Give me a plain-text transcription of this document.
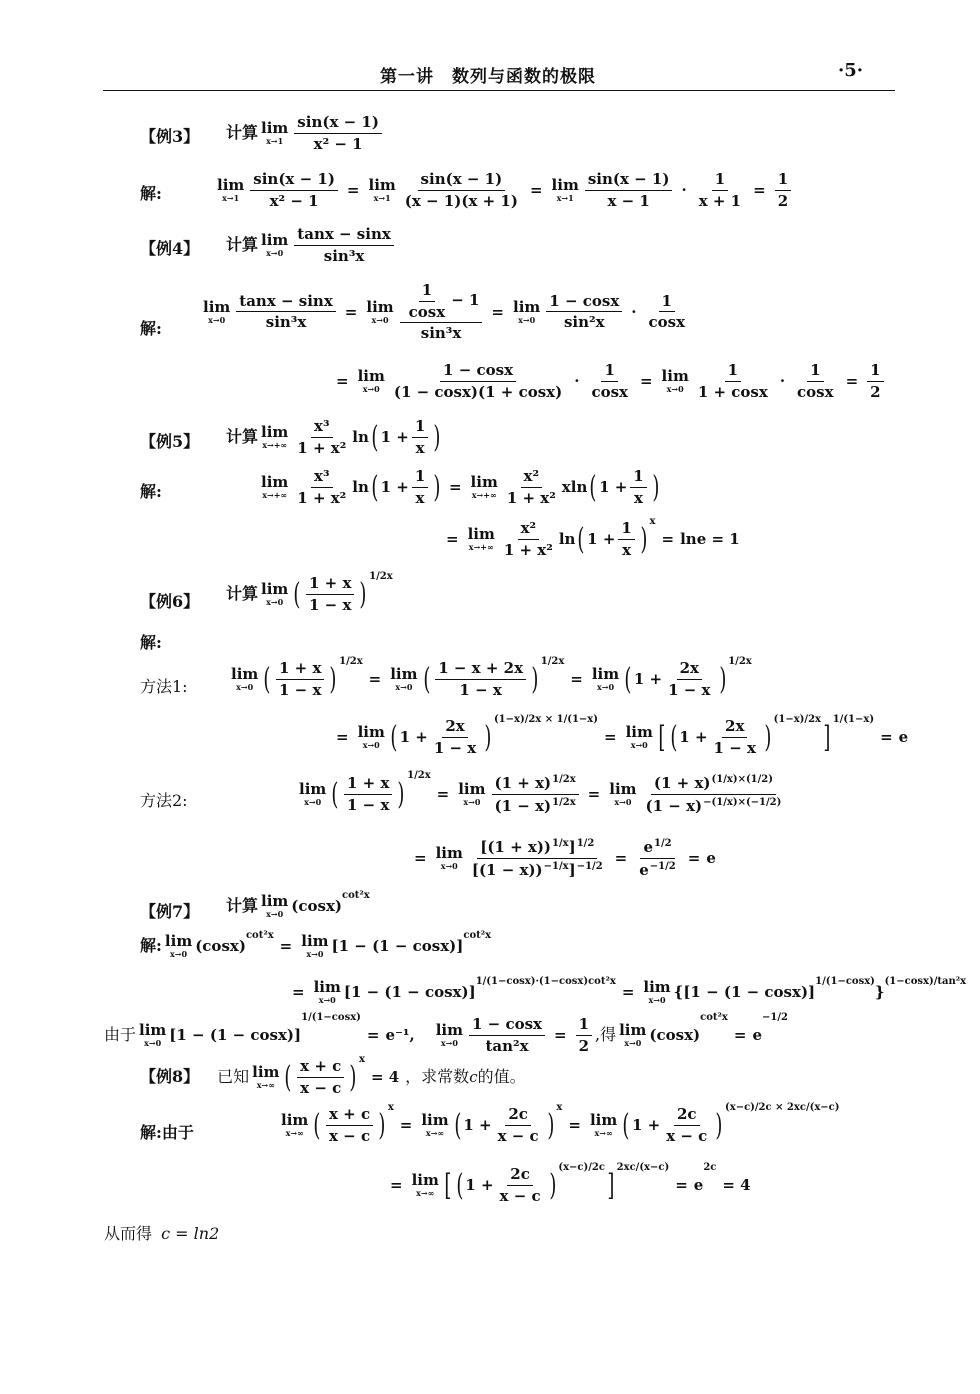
第一讲　数列与函数的极限	·5·
【例3】 计算 lim
$x\to 1 \frac{\sin(x - 1)}{\text{x² − 1}}$
解:	lim
$x\to 1 \frac{\sin(x - 1)}{\text{x² − 1}} = \lim$
$x\to 1 \frac{\sin(x - 1)}{(x - 1)(x + 1)} = \lim$
$x\to 1 \frac{\sin(x - 1)}{x - 1} \cdot \frac{1}{x + 1} = \frac{1}{2}$
【例4】 计算 lim
$x\to 0 \frac{\tan x - \sin x}{\text{sin³x}}$
解:
lim
$x\to 0 \frac{\tan x - \sin x}{\text{sin³x}} = \lim$
$x\to 0 \frac{\frac{1}{\cos x} - 1}{\text{sin³x}} = \lim$
$x\to 0 \frac{1 - \cos x}{\text{sin²x}} \cdot \frac{1}{\cos x}$
= lim
$x\to 0 \frac{1 - \cos x}{(1 - \cos x)(1 + \cos x)} \cdot \frac{1}{\cos x} = \lim$
$x\to 0 \frac{1}{1 + \cos x} \cdot \frac{1}{\cos x} = \frac{1}{2}$
【例5】 计算 lim
$x\to+\infty \frac{\text{x³}}{\text{1 + x²}}$ ln ( $1 + \frac{1}{x}$ )
解:	lim
$x\to+\infty \frac{\text{x³}}{\text{1 + x²}}$ ln ( $1 + \frac{1}{x}$ ) = lim
$x\to+\infty \frac{\text{x²}}{\text{1 + x²}}$ xln ( $1 + \frac{1}{x}$ )
= lim
$x\to+\infty \frac{\text{x²}}{\text{1 + x²}}$ ln ( $1 + \frac{1}{x}$ ) x
= lne = 1
【例6】 计算 lim
x→0 ( $\frac{1 + x}{1 - x}$ ) 1/2x
解:
方法1:
lim
x→0 ( $\frac{1 + x}{1 - x}$ ) 1/2x
= lim
x→0 ( $\frac{1 - x + 2x}{1 - x}$ ) 1/2x
= lim
x→0 ( $1 + \frac{2x}{1 - x}$ ) 1/2x
= lim
x→0 ( $1 + \frac{2x}{1 - x}$ ) (1−x)/2x × 1/(1−x)
= lim
x→0 [ ( $1 + \frac{2x}{1 - x}$ ) (1−x)/2x ] 1/(1−x)
= e
方法2:
lim
x→0 ( $\frac{1 + x}{1 - x}$ )
1/2x
= lim
$x\to 0 \frac{(1 + x)^{1/2x}}{(1 - x)^{1/2x}} = \lim$
$x\to 0 \frac{(1 + x)^{(1/x)\times(1/2)}}{(1 - x)^{-(1/x)\times(-1/2)}}$
= lim
$x\to 0 \frac{[(1 + x))^{1/x}]^{1/2}}{[(1 - x))^{-1/x}]^{-1/2}} = \frac{e^{1/2}}{e^{-1/2}} = e$
【例7】 计算 lim
x→0 (cosx)
cot²x
解: lim
x→0 (cosx)
cot²x
= lim
x→0 [1 − (1 − cosx)]
cot²x
= lim
x→0 [1 − (1 − cosx)]
1/(1−cosx)·(1−cosx)cot²x
= lim
x→0 { [1 − (1 − cosx)]
1/(1−cosx)
}
(1−cosx)/tan²x
由于 lim
x→0 [1 − (1 − cosx)]
1/(1−cosx)
= e⁻¹ , lim
$x\to 0 \frac{1 - \cos x}{\text{tan²x}} = \frac{1}{2}$ ,得 lim
x→0 (cosx)
cot²x
= e
−1/2
【例8】 已知 lim
x→∞ ( $\frac{x + c}{x - c}$ ) x
= 4 ，求常数 c 的值。
解:由于
lim
x→∞ ( $\frac{x + c}{x - c}$ ) x
= lim
x→∞ ( $1 + \frac{2c}{x - c}$ ) x
= lim
x→∞ ( $1 + \frac{2c}{x - c}$ ) (x−c)/2c × 2xc/(x−c)
= lim
x→∞ [ ( $1 + \frac{2c}{x - c}$ ) (x−c)/2c ] 2xc/(x−c)
= e
2c
= 4
从而得 c = ln2
